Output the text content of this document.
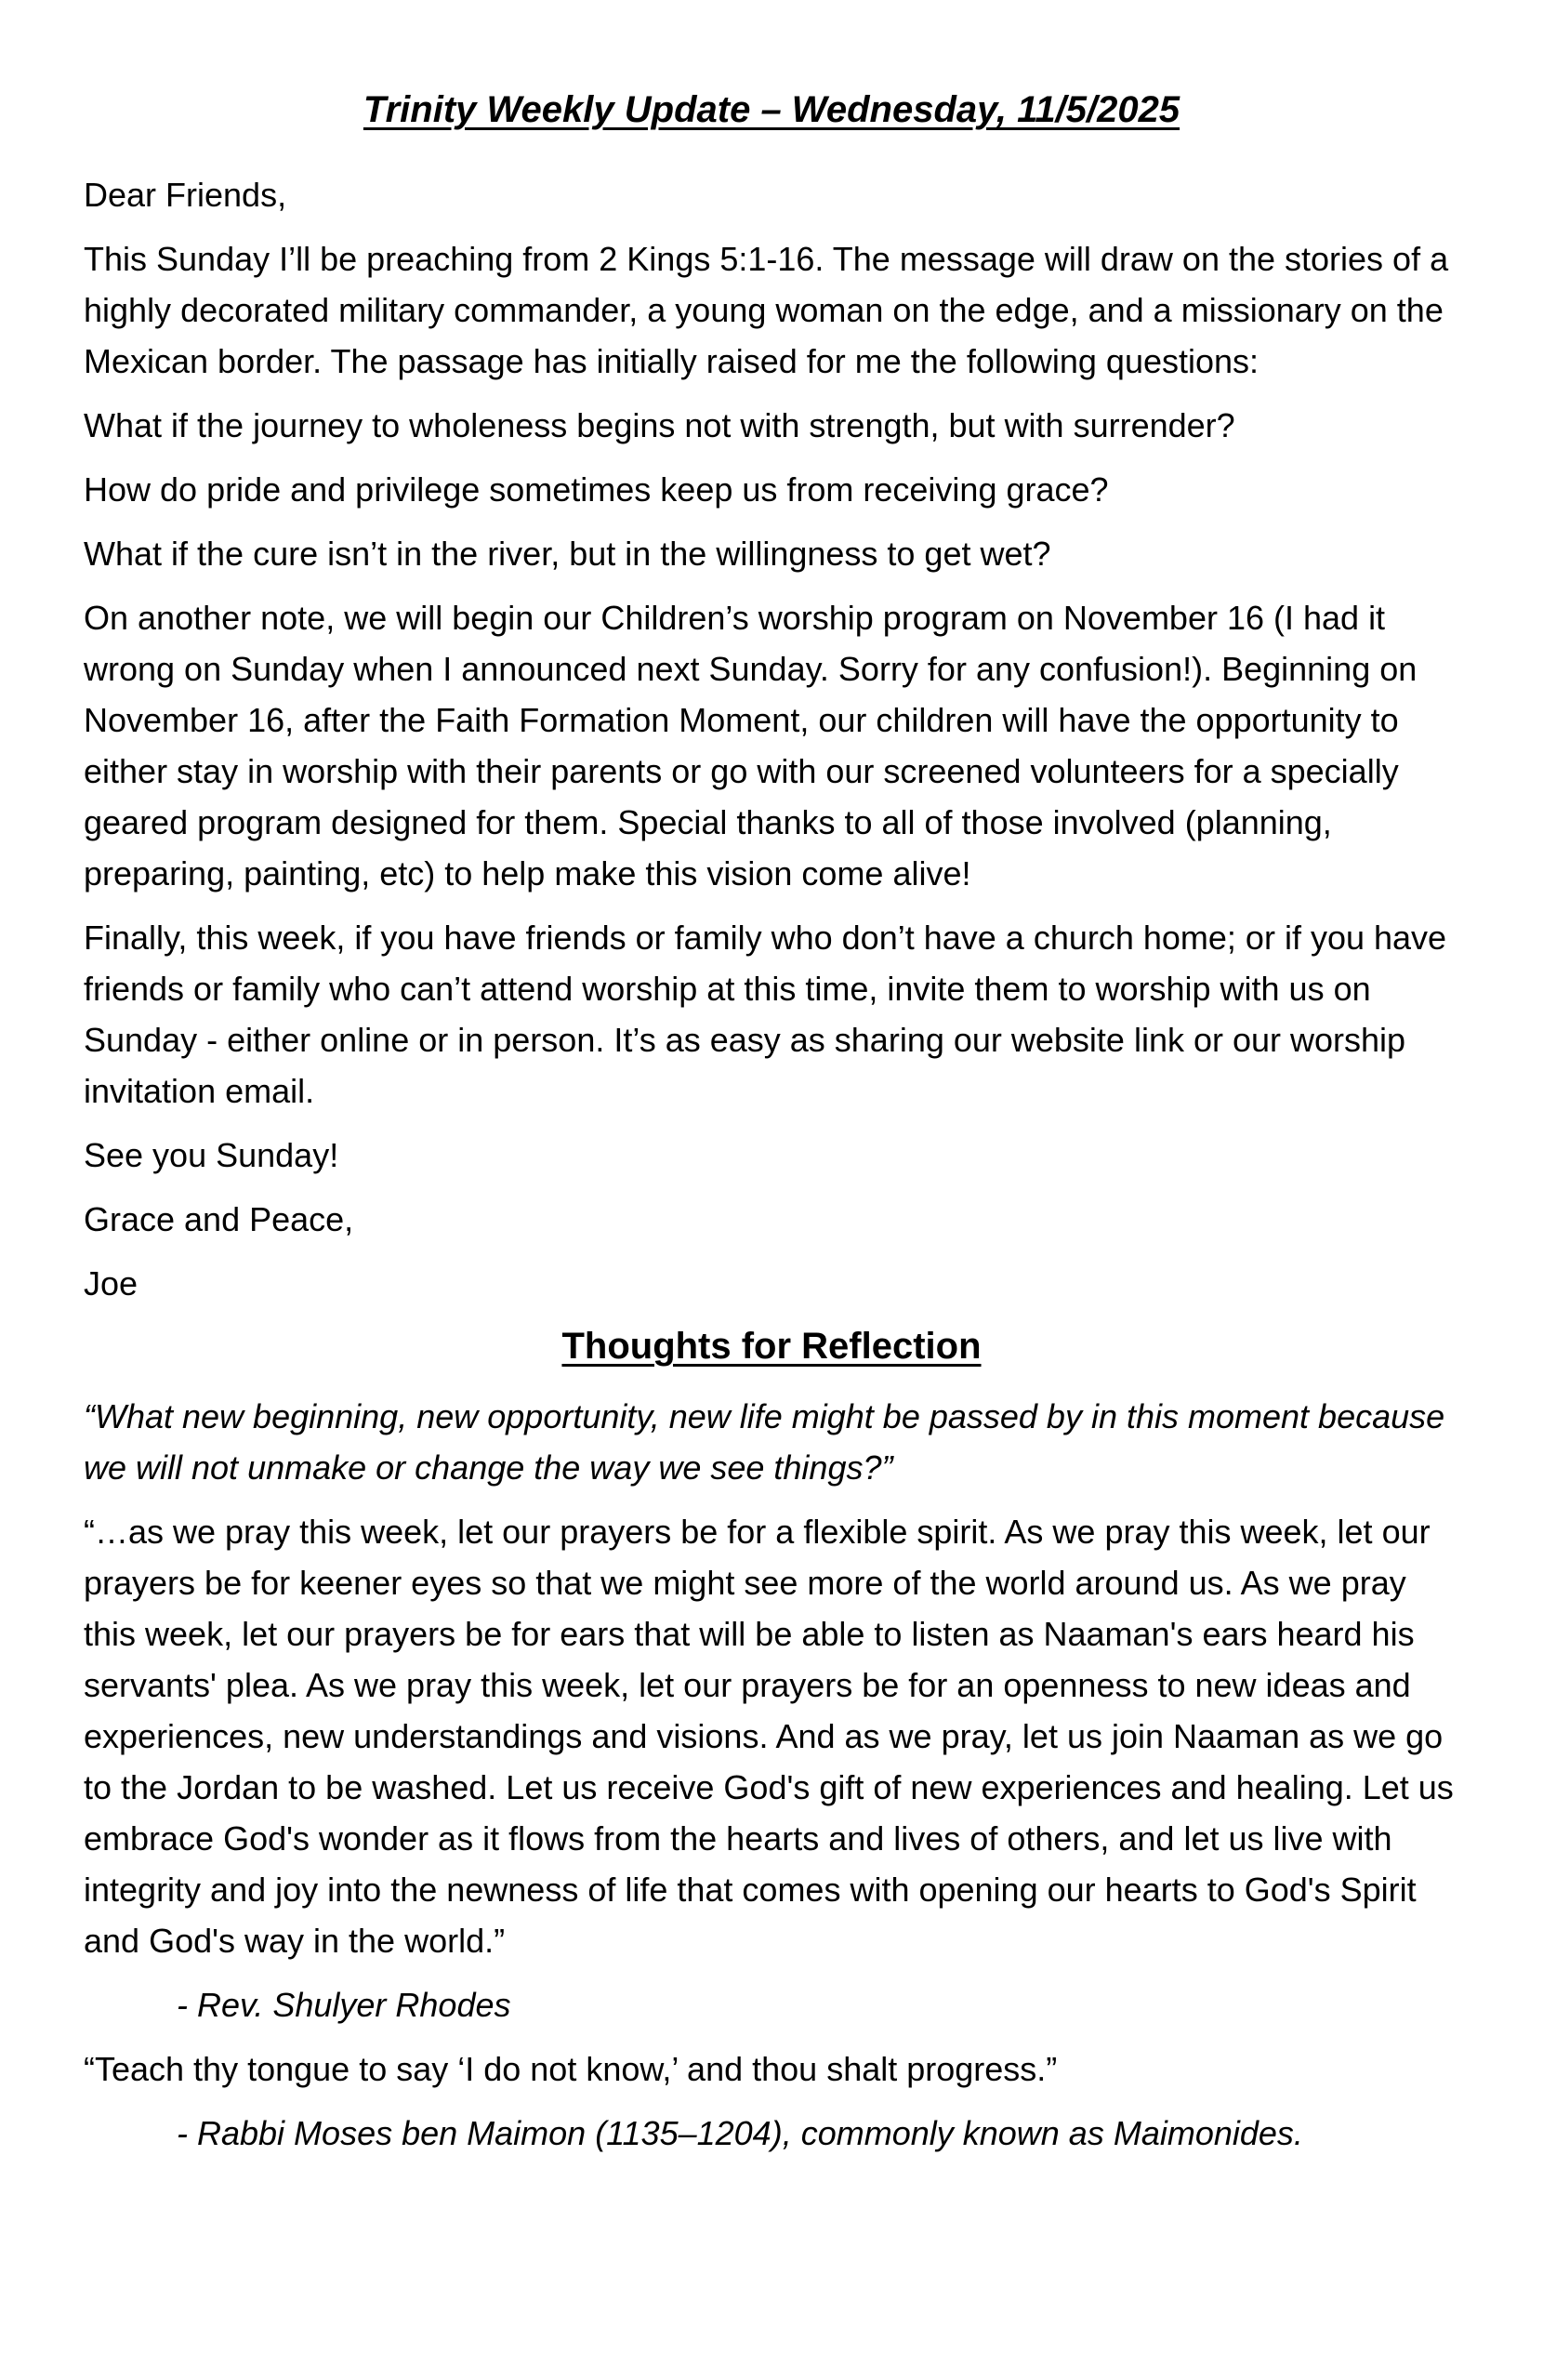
Trinity Weekly Update – Wednesday, 11/5/2025

Dear Friends,

This Sunday I’ll be preaching from 2 Kings 5:1-16. The message will draw on the stories of a highly decorated military commander, a young woman on the edge, and a missionary on the Mexican border. The passage has initially raised for me the following questions:

What if the journey to wholeness begins not with strength, but with surrender?

How do pride and privilege sometimes keep us from receiving grace?

What if the cure isn’t in the river, but in the willingness to get wet?

On another note, we will begin our Children’s worship program on November 16 (I had it wrong on Sunday when I announced next Sunday. Sorry for any confusion!). Beginning on November 16, after the Faith Formation Moment, our children will have the opportunity to either stay in worship with their parents or go with our screened volunteers for a specially geared program designed for them. Special thanks to all of those involved (planning, preparing, painting, etc) to help make this vision come alive!

Finally, this week, if you have friends or family who don’t have a church home; or if you have friends or family who can’t attend worship at this time, invite them to worship with us on Sunday - either online or in person. It’s as easy as sharing our website link or our worship invitation email.

See you Sunday!

Grace and Peace,

Joe

Thoughts for Reflection

“What new beginning, new opportunity, new life might be passed by in this moment because we will not unmake or change the way we see things?”

“…as we pray this week, let our prayers be for a flexible spirit. As we pray this week, let our prayers be for keener eyes so that we might see more of the world around us. As we pray this week, let our prayers be for ears that will be able to listen as Naaman's ears heard his servants' plea. As we pray this week, let our prayers be for an openness to new ideas and experiences, new understandings and visions. And as we pray, let us join Naaman as we go to the Jordan to be washed. Let us receive God's gift of new experiences and healing. Let us embrace God's wonder as it flows from the hearts and lives of others, and let us live with integrity and joy into the newness of life that comes with opening our hearts to God's Spirit and God's way in the world.”

- Rev. Shulyer Rhodes

“Teach thy tongue to say ‘I do not know,’ and thou shalt progress.”

- Rabbi Moses ben Maimon (1135–1204), commonly known as Maimonides.
